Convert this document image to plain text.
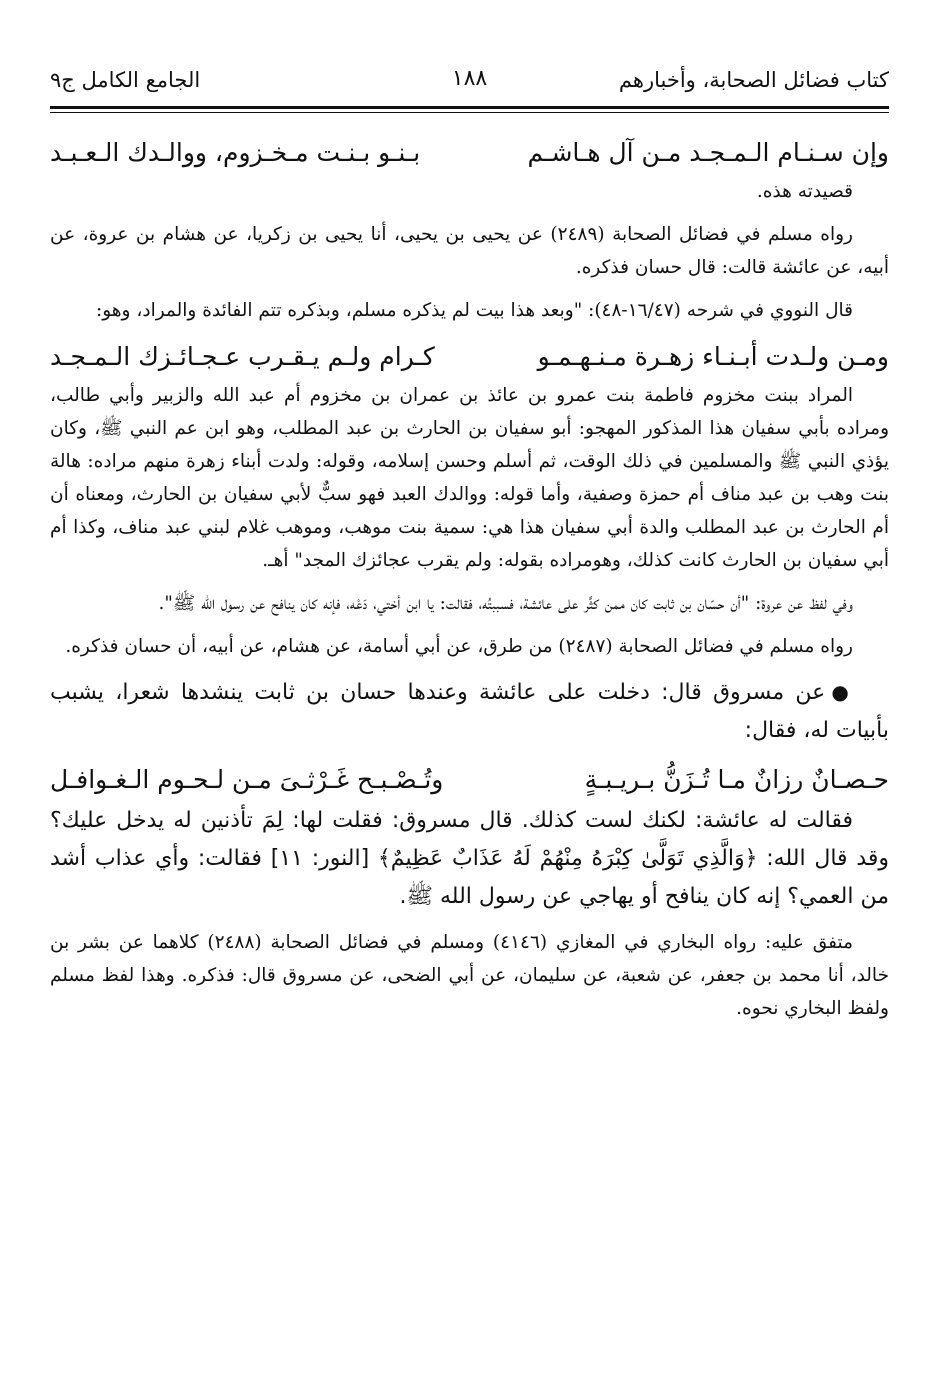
كتاب فضائل الصحابة، وأخبارهم
١٨٨
الجامع الكامل ج٩
وإن سـنـام الـمـجـد مـن آل هـاشـم
بـنـو بـنـت مـخـزوم، ووالـدك الـعـبـد

قصيدته هذه.

رواه مسلم في فضائل الصحابة (٢٤٨٩) عن يحيى بن يحيى، أنا يحيى بن زكريا، عن هشام بن عروة، عن أبيه، عن عائشة قالت: قال حسان فذكره.

قال النووي في شرحه (١٦/٤٧-٤٨): "وبعد هذا بيت لم يذكره مسلم، وبذكره تتم الفائدة والمراد، وهو:

ومـن ولـدت أبـنـاء زهـرة مـنـهـمـو
كـرام ولـم يـقـرب عـجـائـزك الـمـجـد

المراد ببنت مخزوم فاطمة بنت عمرو بن عائذ بن عمران بن مخزوم أم عبد الله والزبير وأبي طالب، ومراده بأبي سفيان هذا المذكور المهجو: أبو سفيان بن الحارث بن عبد المطلب، وهو ابن عم النبي ﷺ، وكان يؤذي النبي ﷺ والمسلمين في ذلك الوقت، ثم أسلم وحسن إسلامه، وقوله: ولدت أبناء زهرة منهم مراده: هالة بنت وهب بن عبد مناف أم حمزة وصفية، وأما قوله: ووالدك العبد فهو سبٌّ لأبي سفيان بن الحارث، ومعناه أن أم الحارث بن عبد المطلب والدة أبي سفيان هذا هي: سمية بنت موهب، وموهب غلام لبني عبد مناف، وكذا أم أبي سفيان بن الحارث كانت كذلك، وهومراده بقوله: ولم يقرب عجائزك المجد" أهـ.

وفي لفظ عن عروة: "أن حسّان بن ثابت كان ممن كثَّر على عائشة، فسببتُه، فقالت: يا ابن أختي، دَعْه، فإنه كان ينافح عن رسول الله ﷺ".

رواه مسلم في فضائل الصحابة (٢٤٨٧) من طرق، عن أبي أسامة، عن هشام، عن أبيه، أن حسان فذكره.

●عن مسروق قال: دخلت على عائشة وعندها حسان بن ثابت ينشدها شعرا، يشبب بأبيات له، فقال:

حـصـانٌ رزانٌ مـا تُـزَنُّ بـريـبـةٍ
وتُـصْـبـح غَـرْثـىَ مـن لـحـوم الـغـوافـل

فقالت له عائشة: لكنك لست كذلك. قال مسروق: فقلت لها: لِمَ تأذنين له يدخل عليك؟ وقد قال الله: ﴿وَالَّذِي تَوَلَّىٰ كِبْرَهُ مِنْهُمْ لَهُ عَذَابٌ عَظِيمٌ﴾ [النور: ١١] فقالت: وأي عذاب أشد من العمي؟ إنه كان ينافح أو يهاجي عن رسول الله ﷺ.

متفق عليه: رواه البخاري في المغازي (٤١٤٦) ومسلم في فضائل الصحابة (٢٤٨٨) كلاهما عن بشر بن خالد، أنا محمد بن جعفر، عن شعبة، عن سليمان، عن أبي الضحى، عن مسروق قال: فذكره. وهذا لفظ مسلم ولفظ البخاري نحوه.
